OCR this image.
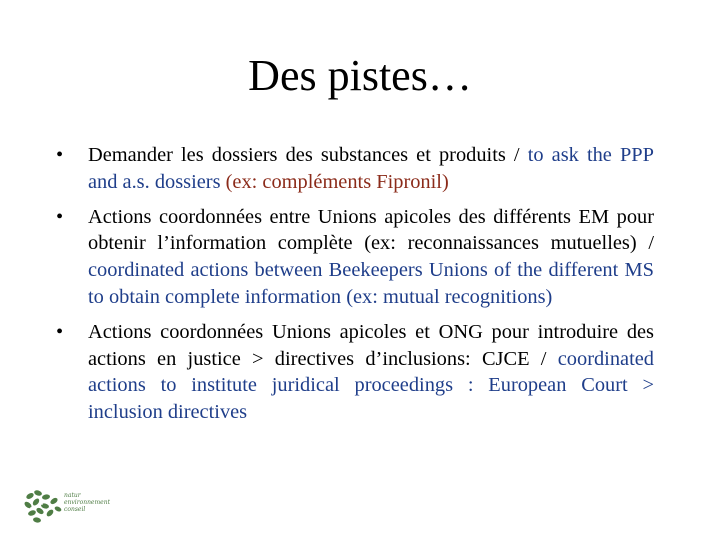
Des pistes…
• Demander les dossiers des substances et produits / to ask the PPP and a.s. dossiers (ex: compléments Fipronil)
• Actions coordonnées entre Unions apicoles des différents EM pour obtenir l’information complète (ex: reconnaissances mutuelles) / coordinated actions between Beekeepers Unions of the different MS to obtain complete information (ex: mutual recognitions)
• Actions coordonnées Unions apicoles et ONG pour introduire des actions en justice > directives d’inclusions: CJCE / coordinated actions to institute juridical proceedings : European Court > inclusion directives
natur
environnement
conseil
